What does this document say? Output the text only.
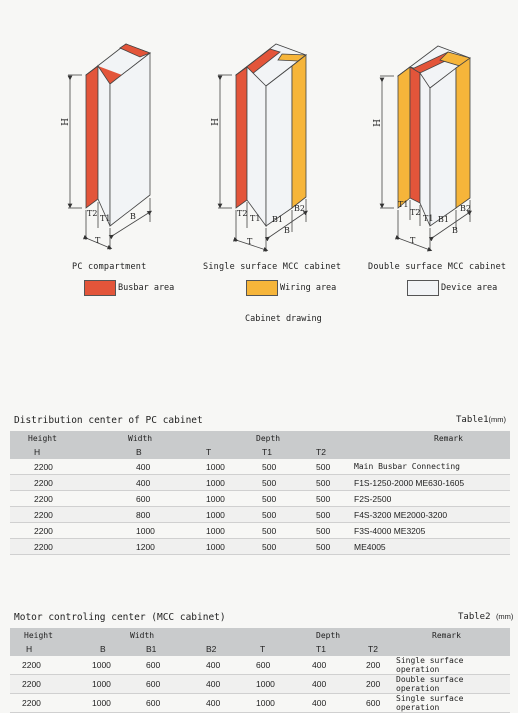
H
T2
T1 B
T
PC compartment
H
T2
T1 B1
B2
B
T
Single surface MCC cabinet
H
T1
T2
T1 B1
B2
B
T
Double surface MCC cabinet
Busbar area	Wiring area	Device area
Cabinet drawing
Distribution center of PC cabinet	Table1(mm)
Height	Width		Depth		Remark
H	B	T	T1	T2	
2200	400	1000	500	500	Main Busbar Connecting
2200	400	1000	500	500	F1S-1250-2000 ME630-1605
2200	600	1000	500	500	F2S-2500
2200	800	1000	500	500	F4S-3200 ME2000-3200
2200	1000	1000	500	500	F3S-4000 ME3205
2200	1200	1000	500	500	ME4005
Motor controling center (MCC cabinet)	Table2 (mm)
Height		Width			Depth		Remark
H	B	B1	B2	T	T1	T2	
2200	1000	600	400	600	400	200	Single surface operation
2200	1000	600	400	1000	400	200	Double surface operation
2200	1000	600	400	1000	400	600	Single surface operation
